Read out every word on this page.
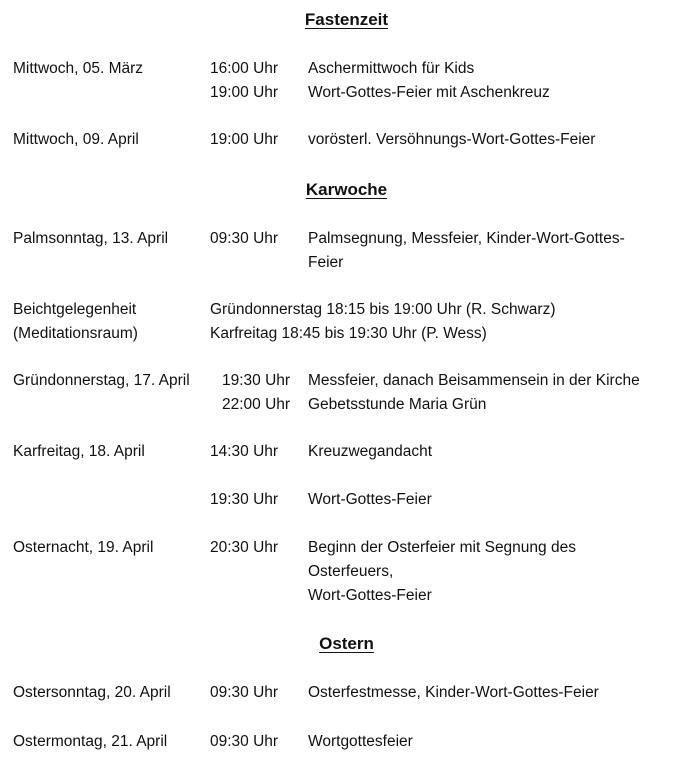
Fastenzeit
Mittwoch, 05. März	16:00 Uhr Aschermittwoch für Kids
19:00 Uhr Wort-Gottes-Feier mit Aschenkreuz
Mittwoch, 09. April	19:00 Uhr vorösterl. Versöhnungs-Wort-Gottes-Feier
Karwoche
Palmsonntag, 13. April	09:30 Uhr Palmsegnung, Messfeier, Kinder-Wort-Gottes-
Feier
Beichtgelegenheit
(Meditationsraum)
Gründonnerstag 18:15 bis 19:00 Uhr (R. Schwarz)
Karfreitag 18:45 bis 19:30 Uhr (P. Wess)
Gründonnerstag, 17. April 19:30 Uhr Messfeier, danach Beisammensein in der Kirche
22:00 Uhr Gebetsstunde Maria Grün
Karfreitag, 18. April	14:30 Uhr Kreuzwegandacht
19:30 Uhr Wort-Gottes-Feier
Osternacht, 19. April	20:30 Uhr Beginn der Osterfeier mit Segnung des
Osterfeuers,
Wort-Gottes-Feier
Ostern
Ostersonntag, 20. April	09:30 Uhr Osterfestmesse, Kinder-Wort-Gottes-Feier
Ostermontag, 21. April	09:30 Uhr Wortgottesfeier
